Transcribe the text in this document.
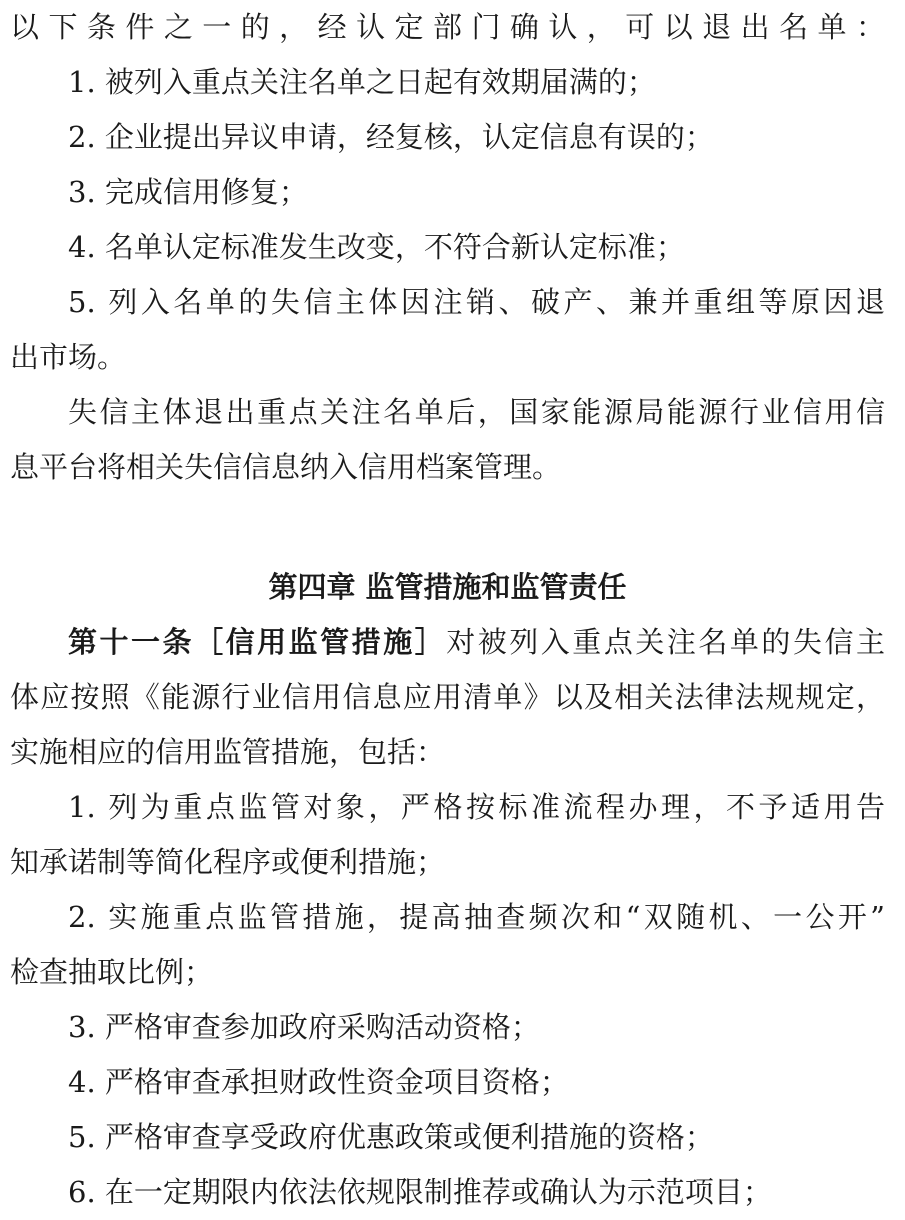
以下条件之一的，经认定部门确认，可以退出名单：
1. 被列入重点关注名单之日起有效期届满的；
2. 企业提出异议申请，经复核，认定信息有误的；
3. 完成信用修复；
4. 名单认定标准发生改变，不符合新认定标准；
5. 列入名单的失信主体因注销、破产、兼并重组等原因退
出市场。
失信主体退出重点关注名单后，国家能源局能源行业信用信
息平台将相关失信信息纳入信用档案管理。
第四章 监管措施和监管责任
第十一条［信用监管措施］对被列入重点关注名单的失信主
体应按照《能源行业信用信息应用清单》以及相关法律法规规定，
实施相应的信用监管措施，包括：
1. 列为重点监管对象，严格按标准流程办理，不予适用告
知承诺制等简化程序或便利措施；
2. 实施重点监管措施，提高抽查频次和“双随机、一公开”
检查抽取比例；
3. 严格审查参加政府采购活动资格；
4. 严格审查承担财政性资金项目资格；
5. 严格审查享受政府优惠政策或便利措施的资格；
6. 在一定期限内依法依规限制推荐或确认为示范项目；
